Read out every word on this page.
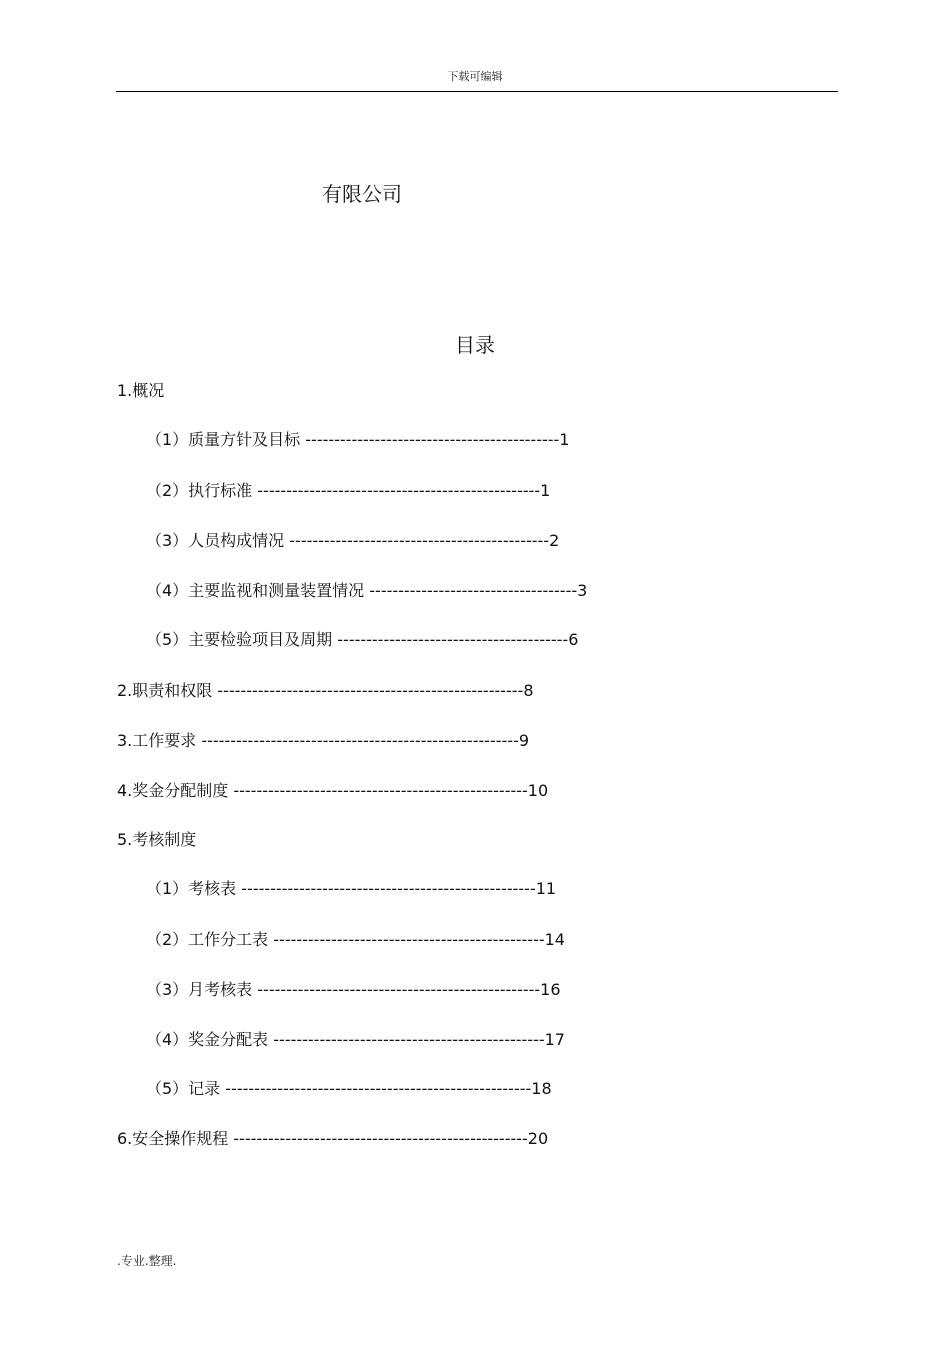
下载可编辑
有限公司
目录
1.概况
（1）质量方针及目标 --------------------------------------------1
（2）执行标准 -------------------------------------------------1
（3）人员构成情况 ---------------------------------------------2
（4）主要监视和测量装置情况 ------------------------------------3
（5）主要检验项目及周期 ----------------------------------------6
2.职责和权限 -----------------------------------------------------8
3.工作要求 -------------------------------------------------------9
4.奖金分配制度 ---------------------------------------------------10
5.考核制度
（1）考核表 ---------------------------------------------------11
（2）工作分工表 -----------------------------------------------14
（3）月考核表 -------------------------------------------------16
（4）奖金分配表 -----------------------------------------------17
（5）记录 -----------------------------------------------------18
6.安全操作规程 ---------------------------------------------------20
.专业.整理.
